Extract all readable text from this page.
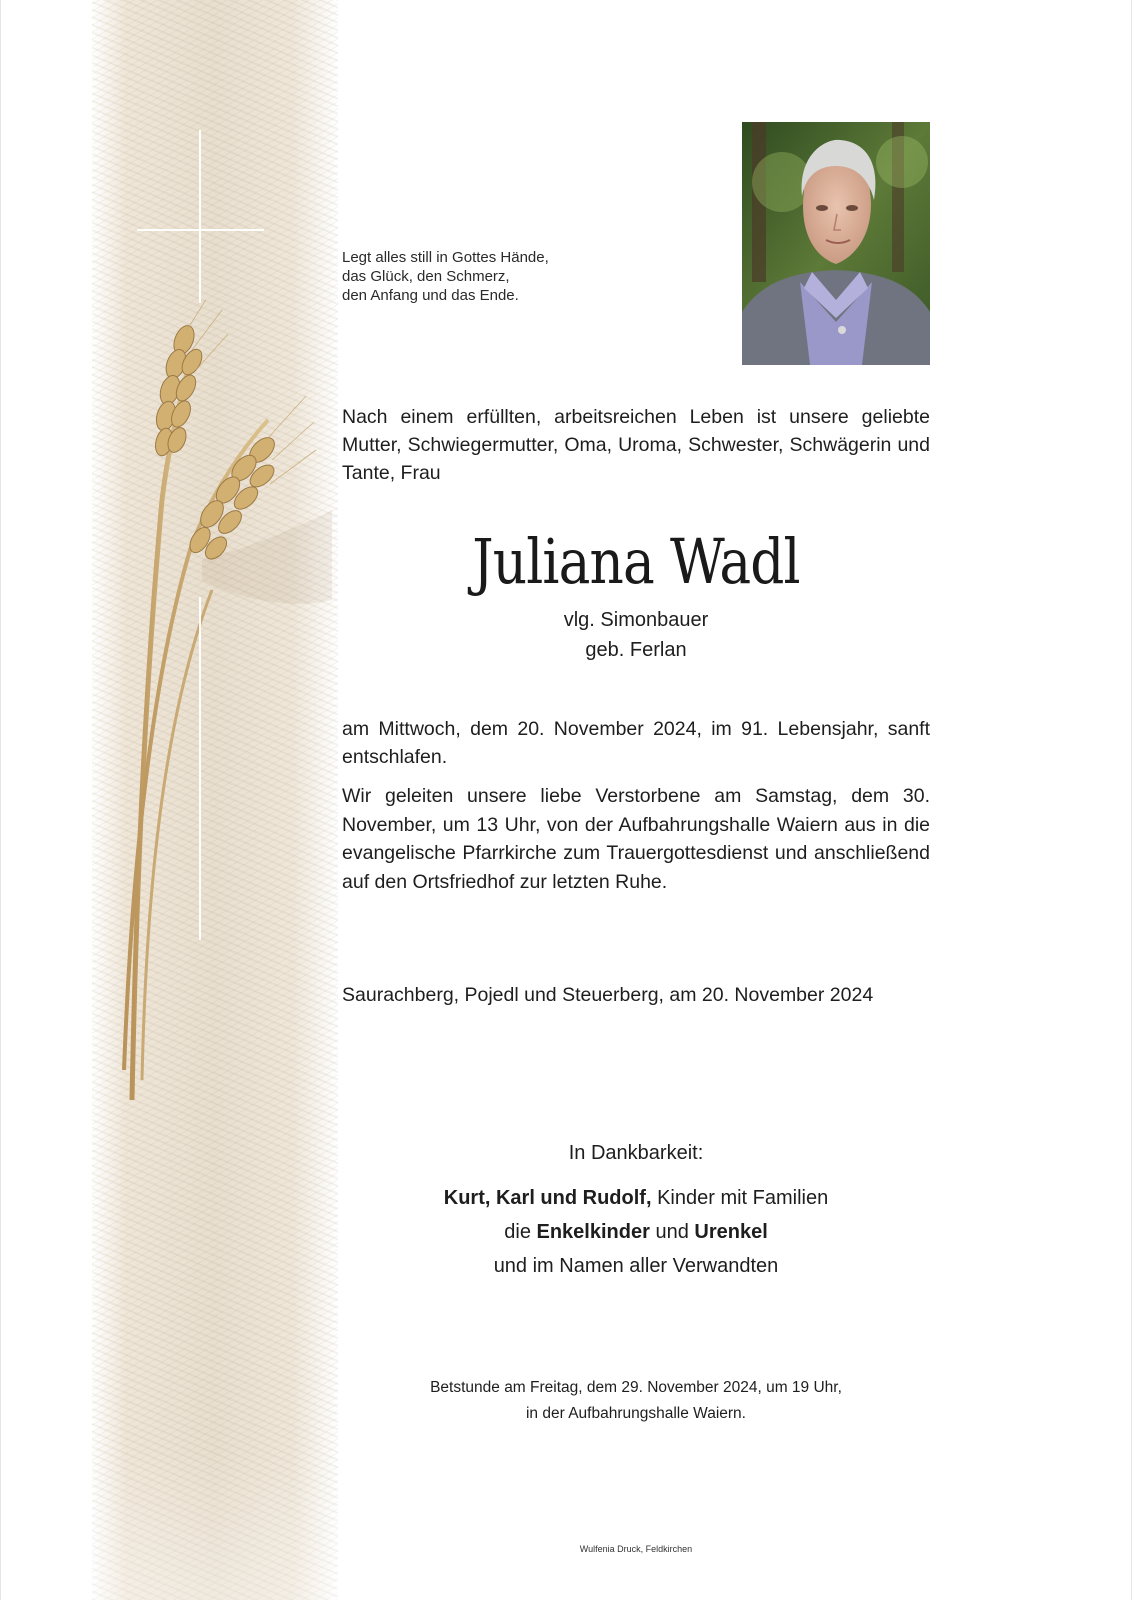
Legt alles still in Gottes Hände,
das Glück, den Schmerz,
den Anfang und das Ende.
Nach einem erfüllten, arbeitsreichen Leben ist unsere geliebte Mutter, Schwiegermutter, Oma, Uroma, Schwester, Schwägerin und Tante, Frau
Juliana Wadl
vlg. Simonbauer
geb. Ferlan
am Mittwoch, dem 20. November 2024, im 91. Lebensjahr, sanft entschlafen.
Wir geleiten unsere liebe Verstorbene am Samstag, dem 30. November, um 13 Uhr, von der Aufbahrungshalle Waiern aus in die evangelische Pfarrkirche zum Trauergottesdienst und anschließend auf den Ortsfriedhof zur letzten Ruhe.
Saurachberg, Pojedl und Steuerberg, am 20. November 2024
In Dankbarkeit:
Kurt, Karl und Rudolf, Kinder mit Familien
die Enkelkinder und Urenkel
und im Namen aller Verwandten
Betstunde am Freitag, dem 29. November 2024, um 19 Uhr,
in der Aufbahrungshalle Waiern.
Wulfenia Druck, Feldkirchen
